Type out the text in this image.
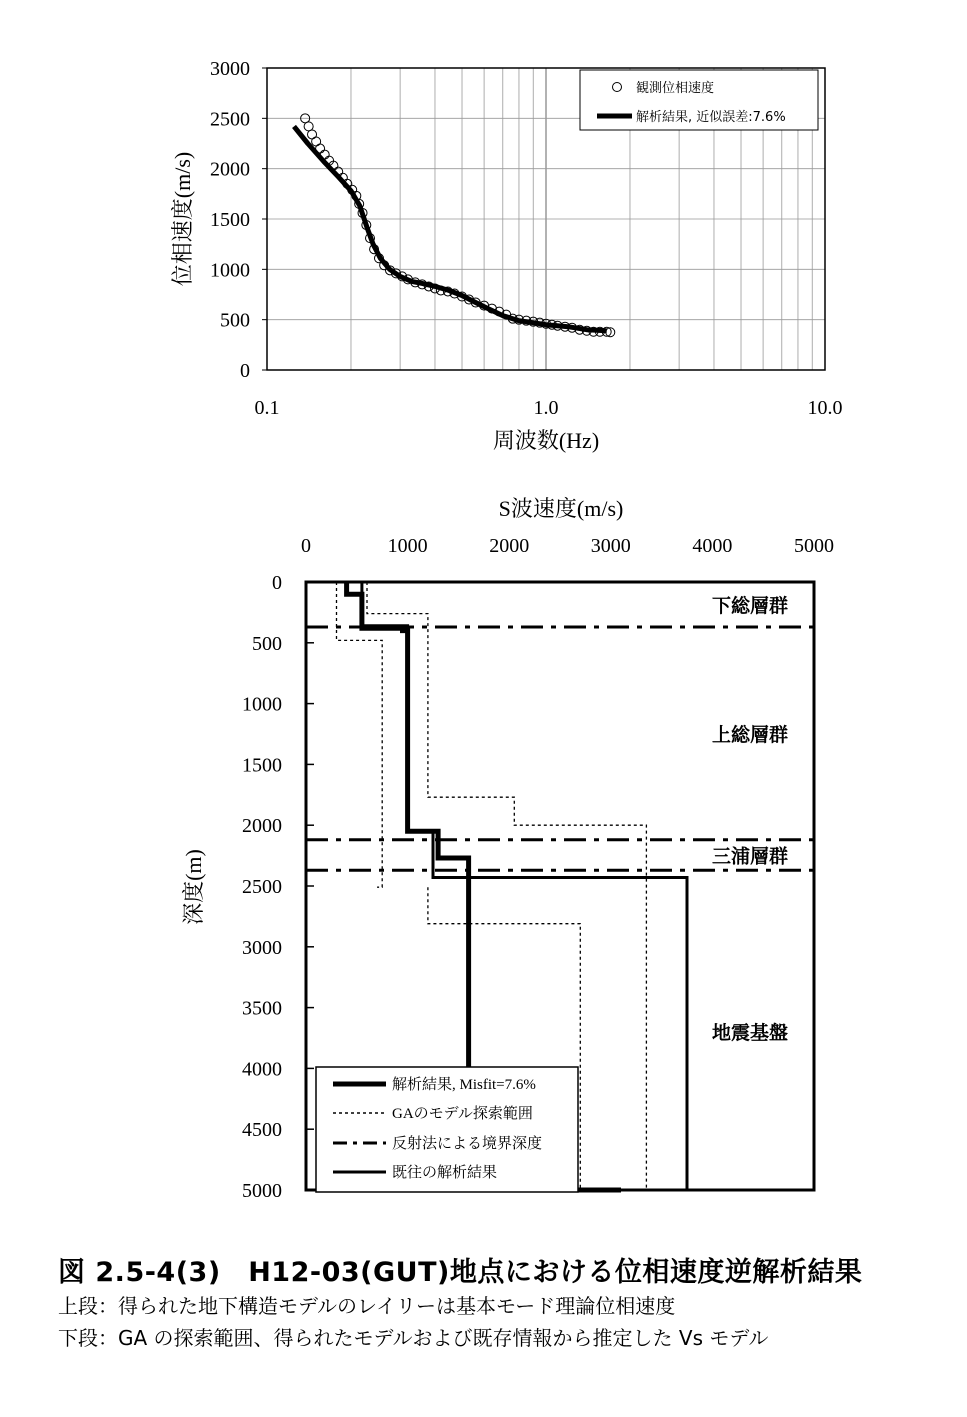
0
500
1000
1500
2000
2500
3000
0.1	1.0	10.0
周波数(Hz)
位相速度(m/s)
観測位相速度
解析結果, 近似誤差:7.6%
S波速度(m/s)
0	1000	2000	3000	4000	5000
0
500
1000
1500
2000
2500
3000
3500
4000
4500
5000
深度(m)
下総層群
上総層群
三浦層群
地震基盤
解析結果, Misfit=7.6%
GAのモデル探索範囲
反射法による境界深度
既往の解析結果
図 2.5-4(3)　H12-03(GUT)地点における位相速度逆解析結果
上段：得られた地下構造モデルのレイリーは基本モード理論位相速度
下段：GA の探索範囲、得られたモデルおよび既存情報から推定した Vs モデル
